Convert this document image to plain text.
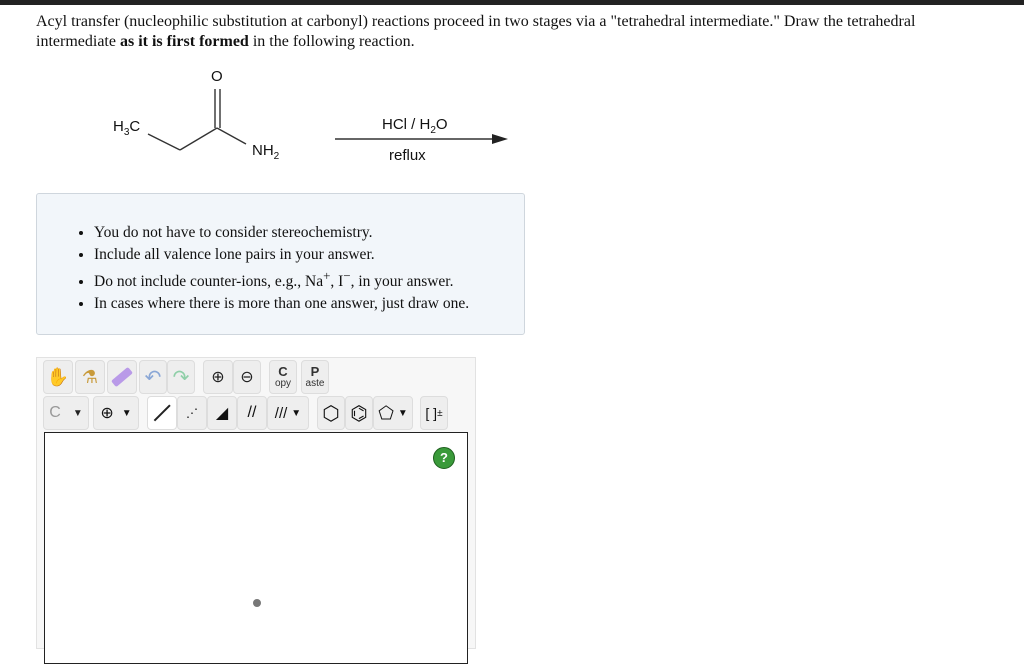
Acyl transfer (nucleophilic substitution at carbonyl) reactions proceed in two stages via a "tetrahedral intermediate." Draw the tetrahedral intermediate as it is first formed in the following reaction.
O
$H_3C$
$NH_2$
HCl / $H_2O$
reflux
• You do not have to consider stereochemistry.
• Include all valence lone pairs in your answer.
• Do not include counter-ions, e.g., Na+, I−, in your answer.
• In cases where there is more than one answer, just draw one.
✋ ⚗ ↶ ↷ ⊕ ⊖ C
opy
P
aste
C ▼ ⊕ ▼	⋰ ◢ // /// ▼ ⬡ ⌬ ⬠ ▼ [ ] ±
?
